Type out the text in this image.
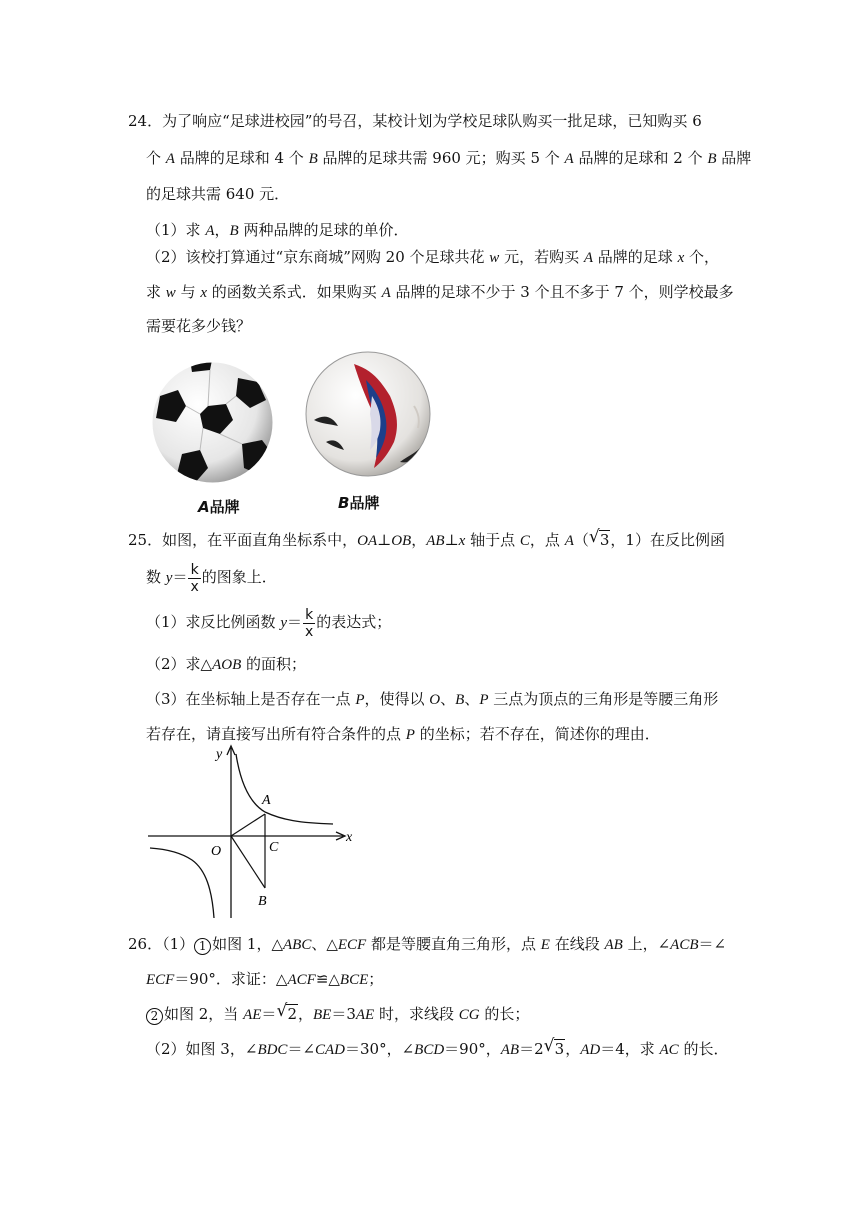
24．为了响应“足球进校园”的号召，某校计划为学校足球队购买一批足球，已知购买 6
个 A 品牌的足球和 4 个 B 品牌的足球共需 960 元；购买 5 个 A 品牌的足球和 2 个 B 品牌
的足球共需 640 元．
（1）求 A，B 两种品牌的足球的单价．
（2）该校打算通过“京东商城”网购 20 个足球共花 w 元，若购买 A 品牌的足球 x 个，
求 w 与 x 的函数关系式．如果购买 A 品牌的足球不少于 3 个且不多于 7 个，则学校最多
需要花多少钱？
A品牌	B品牌
25．如图，在平面直角坐标系中，OA⊥OB，AB⊥x 轴于点 C，点 A（ √ 3，1）在反比例函
数 $y= \frac{k}{x}$ 的图象上．
（1）求反比例函数 $y= \frac{k}{x}$ 的表达式；
（2）求△AOB 的面积；
（3）在坐标轴上是否存在一点 P，使得以 O、B、P 三点为顶点的三角形是等腰三角形
若存在，请直接写出所有符合条件的点 P 的坐标；若不存在，简述你的理由．
y
x
A
O	C
B
26．（1） 1 如图 1，△ABC、△ECF 都是等腰直角三角形，点 E 在线段 AB 上，∠ACB＝∠
ECF＝90°．求证：△ACF≌△BCE；
2 如图 2，当 AE＝ √ 2，BE＝3AE 时，求线段 CG 的长；
（2）如图 3，∠BDC＝∠CAD＝30°，∠BCD＝90°，AB＝2 √ 3，AD＝4，求 AC 的长．
